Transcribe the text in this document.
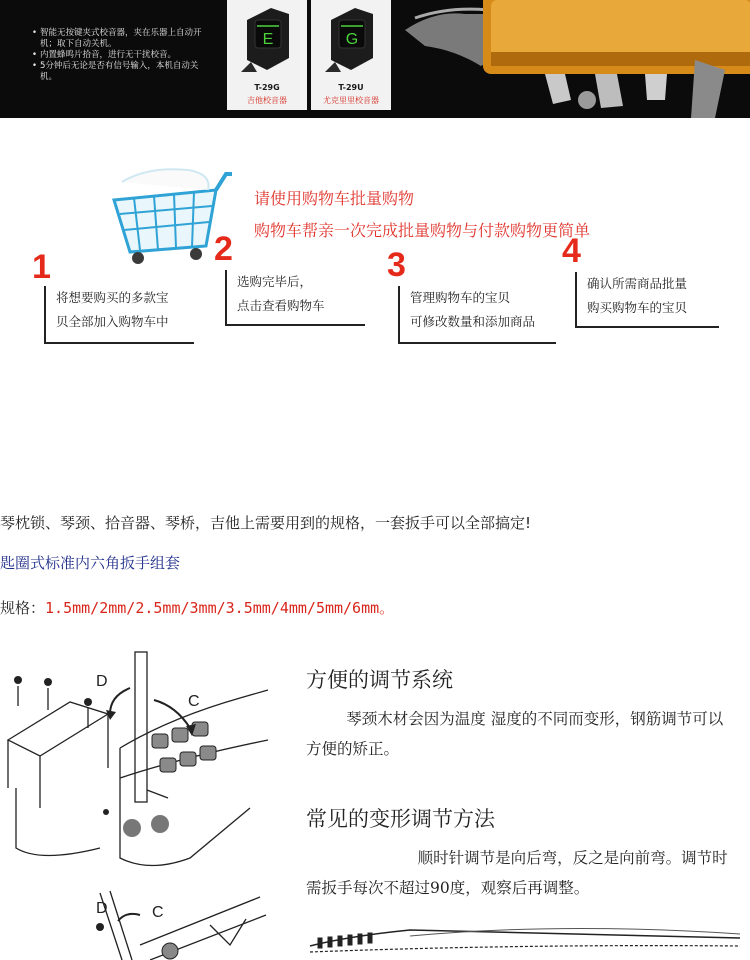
• 智能无按键夹式校音器，夹在乐器上自动开机；取下自动关机。
• 内置蜂鸣片拾音，进行无干扰校音。
• 5分钟后无论是否有信号输入，本机自动关机。
E
T-29G
吉他校音器
G
T-29U
尤克里里校音器
请使用购物车批量购物
购物车帮亲一次完成批量购物与付款购物更简单
1
将想要购买的多款宝
贝全部加入购物车中
2
选购完毕后，
点击查看购物车
3
管理购物车的宝贝
可修改数量和添加商品
4
确认所需商品批量
购买购物车的宝贝
琴枕锁、琴颈、拾音器、琴桥，吉他上需要用到的规格，一套扳手可以全部搞定!
匙圈式标准内六角扳手组套
规格：1.5mm/2mm/2.5mm/3mm/3.5mm/4mm/5mm/6mm。
D
C
D	C
方便的调节系统
琴颈木材会因为温度 湿度的不同而变形，钢筋调节可以方便的矫正。
常见的变形调节方法
顺时针调节是向后弯，反之是向前弯。调节时需扳手每次不超过90度，观察后再调整。
